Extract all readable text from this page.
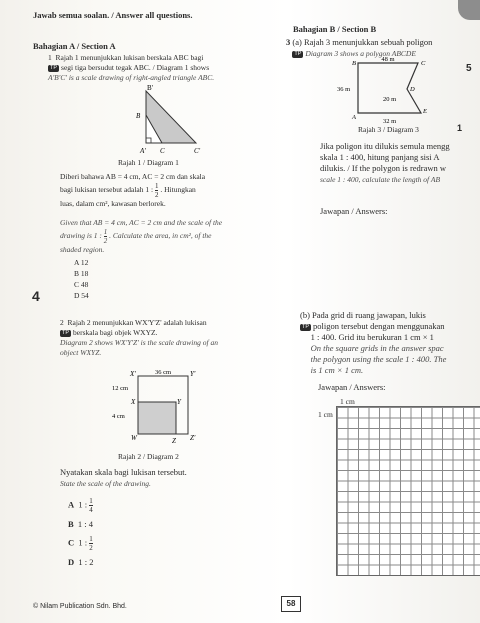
Jawab semua soalan. / Answer all questions.
Bahagian A / Section A
1 Rajah 1 menunjukkan lukisan berskala ABC bagi
TP segi tiga bersudut tegak ABC. / Diagram 1 shows
A'B'C' is a scale drawing of right-angled triangle ABC.
B'
B
A' C	C'
Rajah 1 / Diagram 1
Diberi bahawa AB = 4 cm, AC = 2 cm dan skala
bagi lukisan tersebut adalah 1 : $\frac{1}{2}$ . Hitungkan
luas, dalam cm², kawasan berlorek.
Given that AB = 4 cm, AC = 2 cm and the scale of the
drawing is 1 : $\frac{1}{2}$ . Calculate the area, in cm², of the
shaded region.
A 12
B 18
C 48
D 54
4
2 Rajah 2 menunjukkan WX'Y'Z' adalah lukisan
TP berskala bagi objek WXYZ.
Diagram 2 shows WX'Y'Z' is the scale drawing of an
object WXYZ.
36 cm
12 cm
4 cm
X'	Y'
X	Y
W	Z Z'
Rajah 2 / Diagram 2
Nyatakan skala bagi lukisan tersebut.
State the scale of the drawing.
A 1 : $\frac{1}{4}$
B 1 : 4
C 1 : $\frac{1}{2}$
D 1 : 2
Bahagian B / Section B
3 (a) Rajah 3 menunjukkan sebuah poligon
TP Diagram 3 shows a polygon ABCDE
48 m
36 m
20 m
32 m
B	C
D
E
A
5
1
Rajah 3 / Diagram 3
Jika poligon itu dilukis semula mengg
skala 1 : 400, hitung panjang sisi A
dilukis. / If the polygon is redrawn w
scale 1 : 400, calculate the length of AB
Jawapan / Answers:
(b) Pada grid di ruang jawapan, lukis
TP poligon tersebut dengan menggunakan
1 : 400. Grid itu berukuran 1 cm × 1
On the square grids in the answer spac
the polygon using the scale 1 : 400. The
is 1 cm × 1 cm.
Jawapan / Answers:
1 cm
1 cm
© Nilam Publication Sdn. Bhd.	58
